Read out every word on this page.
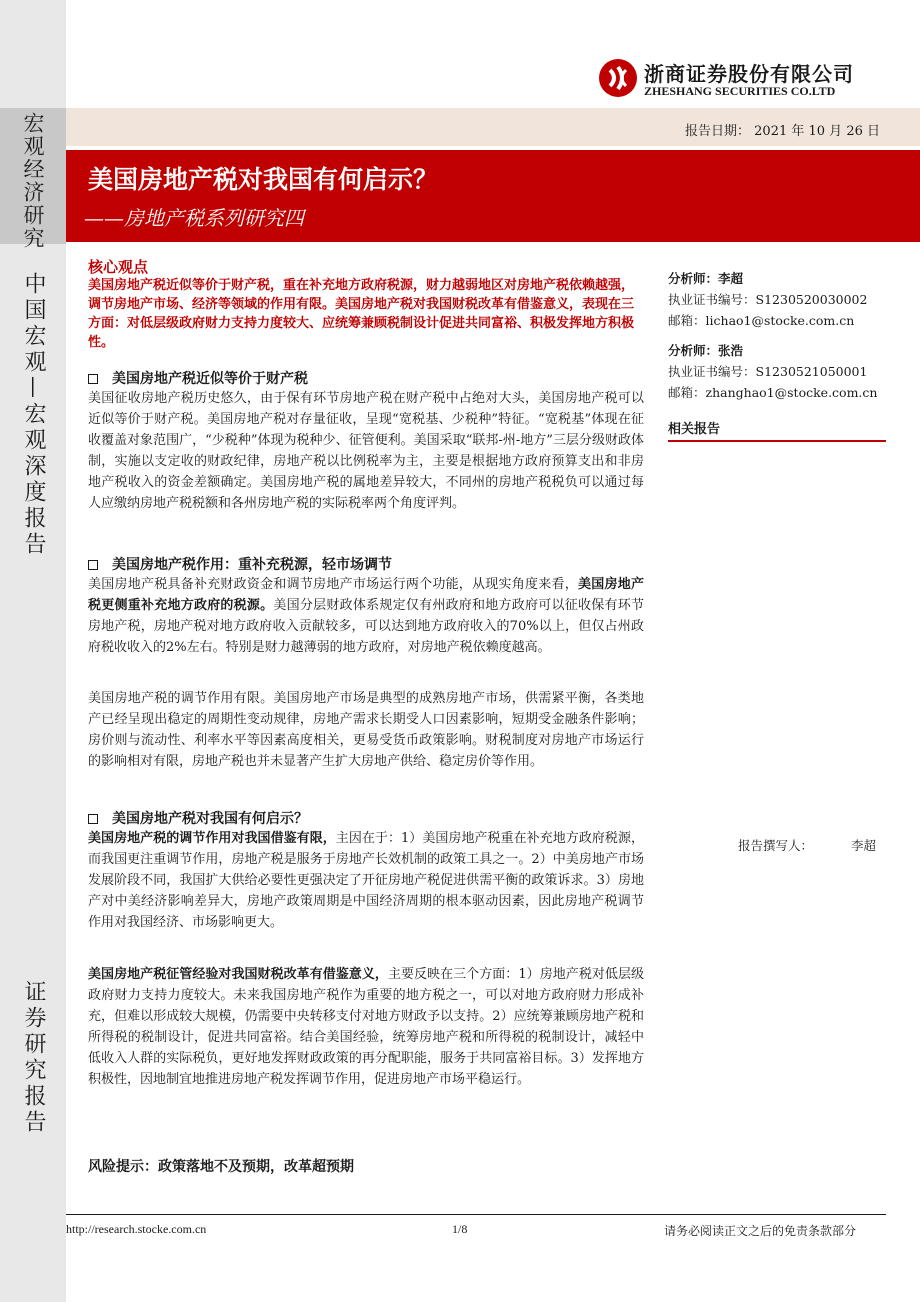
宏观经济研究
中国宏观—宏观深度报告
证券研究报告
浙商证券股份有限公司
ZHESHANG SECURITIES CO.LTD
报告日期： 2021 年 10 月 26 日
美国房地产税对我国有何启示？
——房地产税系列研究四
核心观点
美国房地产税近似等价于财产税，重在补充地方政府税源，财力越弱地区对房地产税依赖越强，调节房地产市场、经济等领域的作用有限。美国房地产税对我国财税改革有借鉴意义，表现在三方面：对低层级政府财力支持力度较大、应统筹兼顾税制设计促进共同富裕、积极发挥地方积极性。
美国房地产税近似等价于财产税
美国征收房地产税历史悠久，由于保有环节房地产税在财产税中占绝对大头，美国房地产税可以近似等价于财产税。美国房地产税对存量征收，呈现“宽税基、少税种”特征。“宽税基”体现在征收覆盖对象范围广，“少税种”体现为税种少、征管便利。美国采取“联邦-州-地方”三层分级财政体制，实施以支定收的财政纪律，房地产税以比例税率为主，主要是根据地方政府预算支出和非房地产税收入的资金差额确定。美国房地产税的属地差异较大，不同州的房地产税税负可以通过每人应缴纳房地产税税额和各州房地产税的实际税率两个角度评判。
美国房地产税作用：重补充税源，轻市场调节
美国房地产税具备补充财政资金和调节房地产市场运行两个功能，从现实角度来看，美国房地产税更侧重补充地方政府的税源。美国分层财政体系规定仅有州政府和地方政府可以征收保有环节房地产税，房地产税对地方政府收入贡献较多，可以达到地方政府收入的70%以上，但仅占州政府税收收入的2%左右。特别是财力越薄弱的地方政府，对房地产税依赖度越高。
美国房地产税的调节作用有限。美国房地产市场是典型的成熟房地产市场，供需紧平衡，各类地产已经呈现出稳定的周期性变动规律，房地产需求长期受人口因素影响，短期受金融条件影响；房价则与流动性、利率水平等因素高度相关，更易受货币政策影响。财税制度对房地产市场运行的影响相对有限，房地产税也并未显著产生扩大房地产供给、稳定房价等作用。
美国房地产税对我国有何启示？
美国房地产税的调节作用对我国借鉴有限，主因在于：1）美国房地产税重在补充地方政府税源，而我国更注重调节作用，房地产税是服务于房地产长效机制的政策工具之一。2）中美房地产市场发展阶段不同，我国扩大供给必要性更强决定了开征房地产税促进供需平衡的政策诉求。3）房地产对中美经济影响差异大，房地产政策周期是中国经济周期的根本驱动因素，因此房地产税调节作用对我国经济、市场影响更大。
美国房地产税征管经验对我国财税改革有借鉴意义，主要反映在三个方面：1）房地产税对低层级政府财力支持力度较大。未来我国房地产税作为重要的地方税之一，可以对地方政府财力形成补充，但难以形成较大规模，仍需要中央转移支付对地方财政予以支持。2）应统筹兼顾房地产税和所得税的税制设计，促进共同富裕。结合美国经验，统筹房地产税和所得税的税制设计，减轻中低收入人群的实际税负，更好地发挥财政政策的再分配职能，服务于共同富裕目标。3）发挥地方积极性，因地制宜地推进房地产税发挥调节作用，促进房地产市场平稳运行。
风险提示：政策落地不及预期，改革超预期
分析师：李超
执业证书编号：S1230520030002
邮箱：lichao1@stocke.com.cn
分析师：张浩
执业证书编号：S1230521050001
邮箱：zhanghao1@stocke.com.cn
相关报告
报告撰写人：	李超
http://research.stocke.com.cn	1/8	请务必阅读正文之后的免责条款部分
